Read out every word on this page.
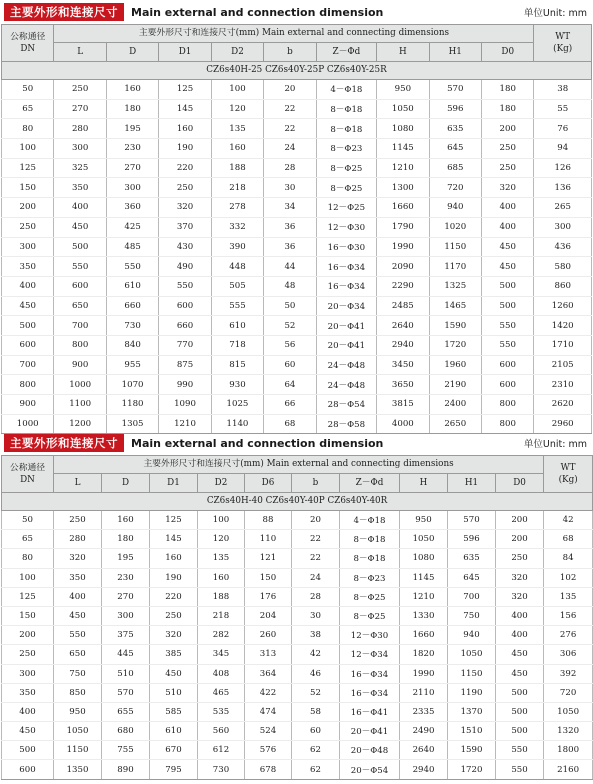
主要外形和连接尺寸	Main external and connection dimension	单位Unit: mm
公称通径
DN	主要外形尺寸和连接尺寸(mm) Main external and connecting dimensions									WT
(Kg)
	L	D	D1	D2	b	Z－Φd	H	H1	D0	
CZ6s40H-25 CZ6s40Y-25P CZ6s40Y-25R										
50	250	160	125	100	20	4－Φ18	950	570	180	38
65	270	180	145	120	22	8－Φ18	1050	596	180	55
80	280	195	160	135	22	8－Φ18	1080	635	200	76
100	300	230	190	160	24	8－Φ23	1145	645	250	94
125	325	270	220	188	28	8－Φ25	1210	685	250	126
150	350	300	250	218	30	8－Φ25	1300	720	320	136
200	400	360	320	278	34	12－Φ25	1660	940	400	265
250	450	425	370	332	36	12－Φ30	1790	1020	400	300
300	500	485	430	390	36	16－Φ30	1990	1150	450	436
350	550	550	490	448	44	16－Φ34	2090	1170	450	580
400	600	610	550	505	48	16－Φ34	2290	1325	500	860
450	650	660	600	555	50	20－Φ34	2485	1465	500	1260
500	700	730	660	610	52	20－Φ41	2640	1590	550	1420
600	800	840	770	718	56	20－Φ41	2940	1720	550	1710
700	900	955	875	815	60	24－Φ48	3450	1960	600	2105
800	1000	1070	990	930	64	24－Φ48	3650	2190	600	2310
900	1100	1180	1090	1025	66	28－Φ54	3815	2400	800	2620
1000	1200	1305	1210	1140	68	28－Φ58	4000	2650	800	2960
主要外形和连接尺寸	Main external and connection dimension	单位Unit: mm
公称通径
DN	主要外形尺寸和连接尺寸(mm) Main external and connecting dimensions										WT
(Kg)
	L	D	D1	D2	D6	b	Z－Φd	H	H1	D0	
CZ6s40H-40 CZ6s40Y-40P CZ6s40Y-40R											
50	250	160	125	100	88	20	4－Φ18	950	570	200	42
65	280	180	145	120	110	22	8－Φ18	1050	596	200	68
80	320	195	160	135	121	22	8－Φ18	1080	635	250	84
100	350	230	190	160	150	24	8－Φ23	1145	645	320	102
125	400	270	220	188	176	28	8－Φ25	1210	700	320	135
150	450	300	250	218	204	30	8－Φ25	1330	750	400	156
200	550	375	320	282	260	38	12－Φ30	1660	940	400	276
250	650	445	385	345	313	42	12－Φ34	1820	1050	450	306
300	750	510	450	408	364	46	16－Φ34	1990	1150	450	392
350	850	570	510	465	422	52	16－Φ34	2110	1190	500	720
400	950	655	585	535	474	58	16－Φ41	2335	1370	500	1050
450	1050	680	610	560	524	60	20－Φ41	2490	1510	500	1320
500	1150	755	670	612	576	62	20－Φ48	2640	1590	550	1800
600	1350	890	795	730	678	62	20－Φ54	2940	1720	550	2160
